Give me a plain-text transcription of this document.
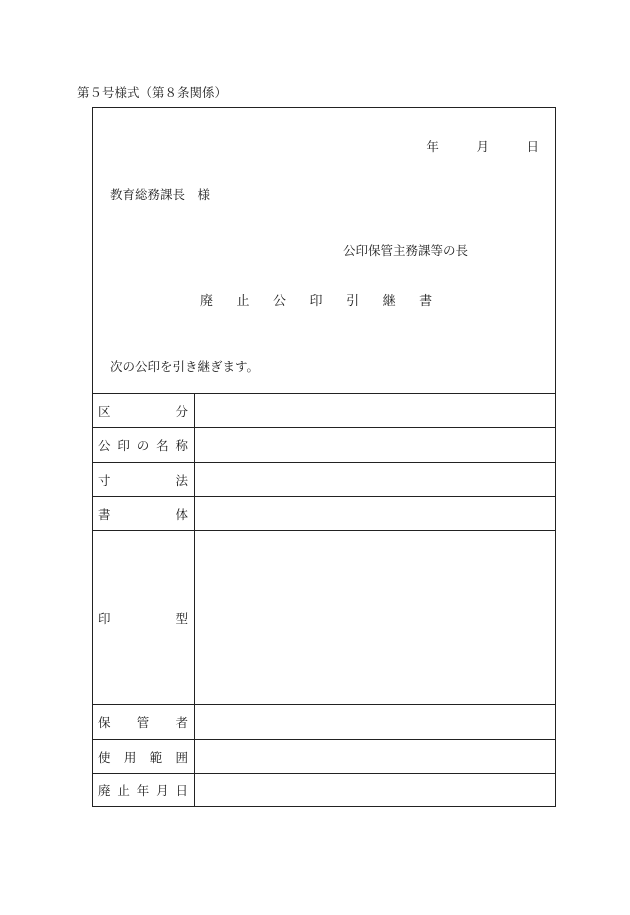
第５号様式（第８条関係）
年　　　	月　　　	日
教育総務課長　様
公印保管主務課等の長
廃 止 公 印 引 継 書
次の公印を引き継ぎます。
区	分
公 印 の 名 称
寸	法
書	体
印	型
保 管 者
使 用 範 囲
廃 止 年 月 日
